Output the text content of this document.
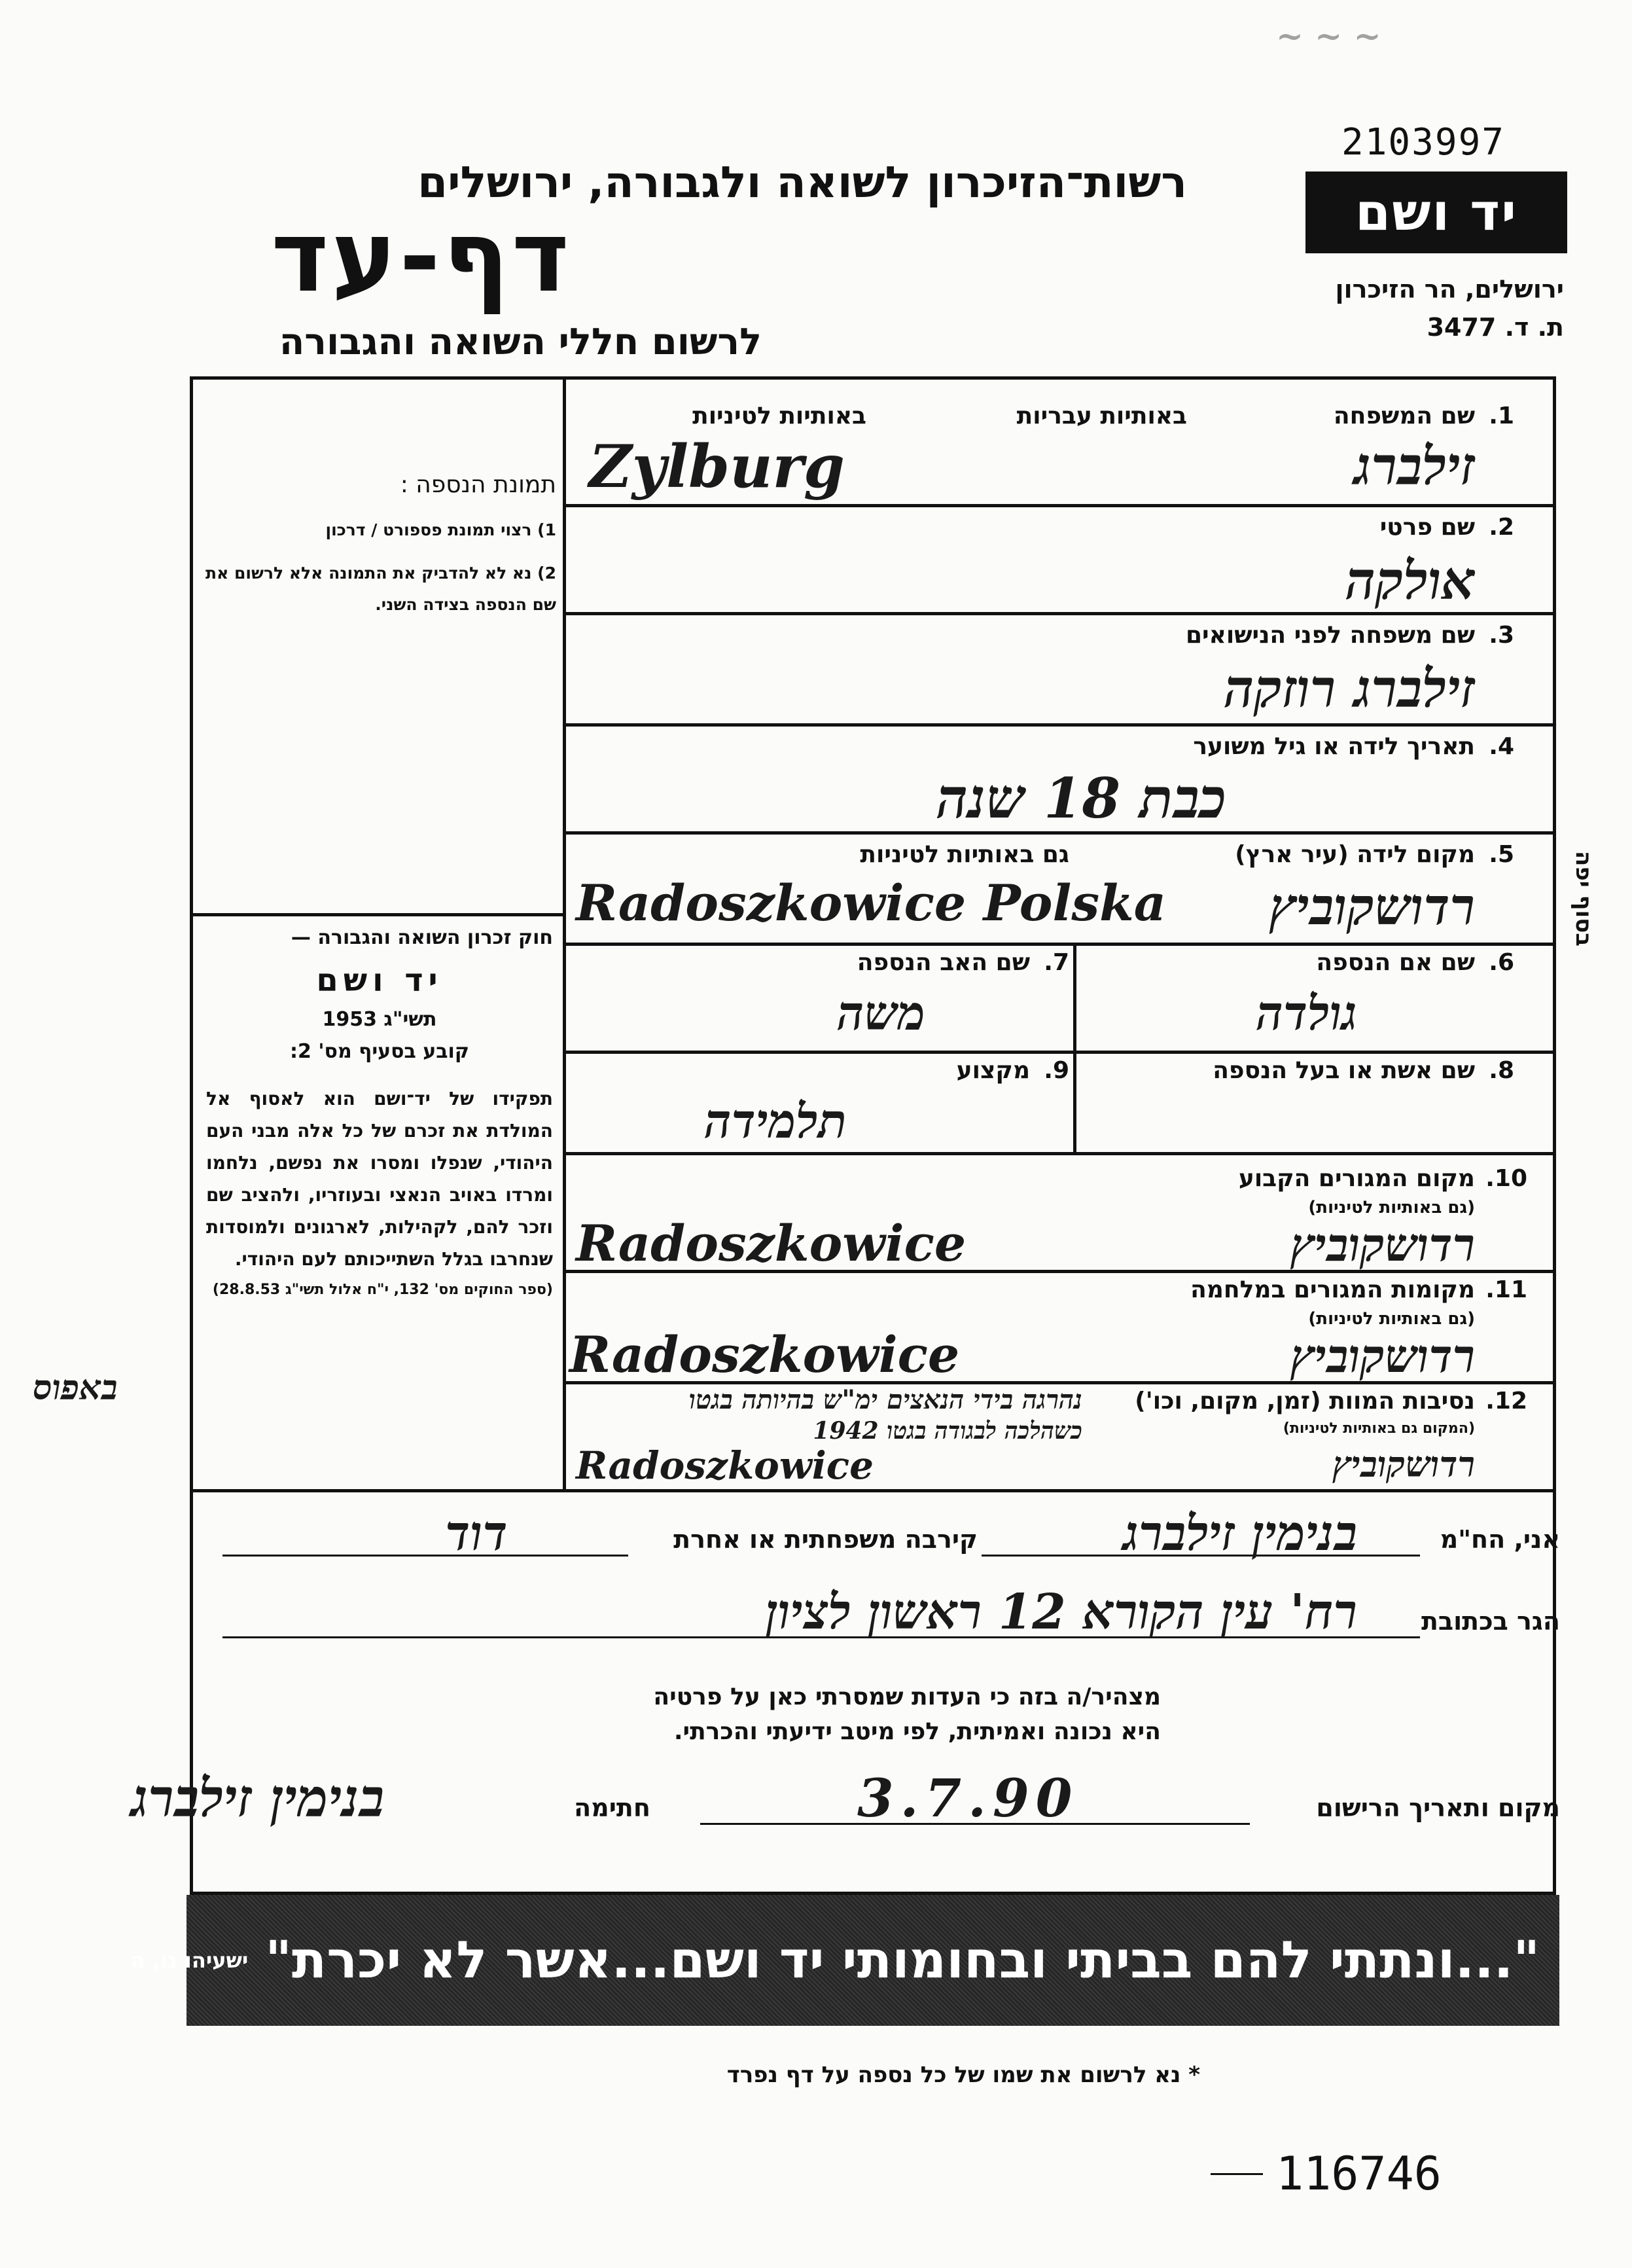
~ ~ ~
2103997
רשות־הזיכרון לשואה ולגבורה, ירושלים
דף-עד
לרשום חללי השואה והגבורה
יד ושם
ירושלים, הר הזיכרון
ת. ד. 3477
תמונת הנספה :
1) רצוי תמונת פספורט / דרכון
2) נא לא להדביק את התמונה אלא לרשום את שם הנספה בצידה השני.
חוק זכרון השואה והגבורה —
יד ושם
תשי"ג 1953
קובע בסעיף מס' 2:
תפקידו של יד־ושם הוא לאסוף אל המולדת את זכרם של כל אלה מבני העם היהודי, שנפלו ומסרו את נפשם, נלחמו ומרדו באויב הנאצי ובעוזריו, ולהציב שם וזכר להם, לקהילות, לארגונים ולמוסדות שנחרבו בגלל השתייכותם לעם היהודי.
(ספר החוקים מס' 132, י"ח אלול תשי"ג 28.8.53)
1.
שם המשפחה
באותיות עבריות
באותיות לטיניות
זילברג
Zylburg
2.
שם פרטי
אולקה
3.
שם משפחה לפני הנישואים
זילברג רוזקה
4.
תאריך לידה או גיל משוער
כבת 18 שנה
5.
מקום לידה (עיר ארץ)
גם באותיות לטיניות
רדושקוביץ
Radoszkowice Polska
6.
שם אם הנספה
גולדה
7.
שם האב הנספה
משה
8.
שם אשת או בעל הנספה
9.
מקצוע
תלמידה
10.
מקום המגורים הקבוע
(גם באותיות לטיניות)
רדושקוביץ
Radoszkowice
11.
מקומות המגורים במלחמה
(גם באותיות לטיניות)
רדושקוביץ
Radoszkowice
12.
נסיבות המוות (זמן, מקום, וכו')
(המקום גם באותיות לטיניות)
נהרגה בידי הנאצים ימ"ש בהיותה בגטו
כשהלכה לבגודה בגטו 1942
רדושקוביץ
Radoszkowice
באפוס
אני, הח"מ
בנימין זילברג
קירבה משפחתית או אחרת
דוד
הגר בכתובת
רח' עין הקורא 12 ראשון לציון
מצהיר/ה בזה כי העדות שמסרתי כאן על פרטיה
היא נכונה ואמיתית, לפי מיטב ידיעתי והכרתי.
מקום ותאריך הרישום
3.7.90
חתימה
בנימין זילברג
"...ונתתי להם בביתי ובחומותי יד ושם...אשר לא יכרת"
ישעיהו נו, ה
* נא לרשום את שמו של כל נספה על דף נפרד
116746
בסוף יפה
